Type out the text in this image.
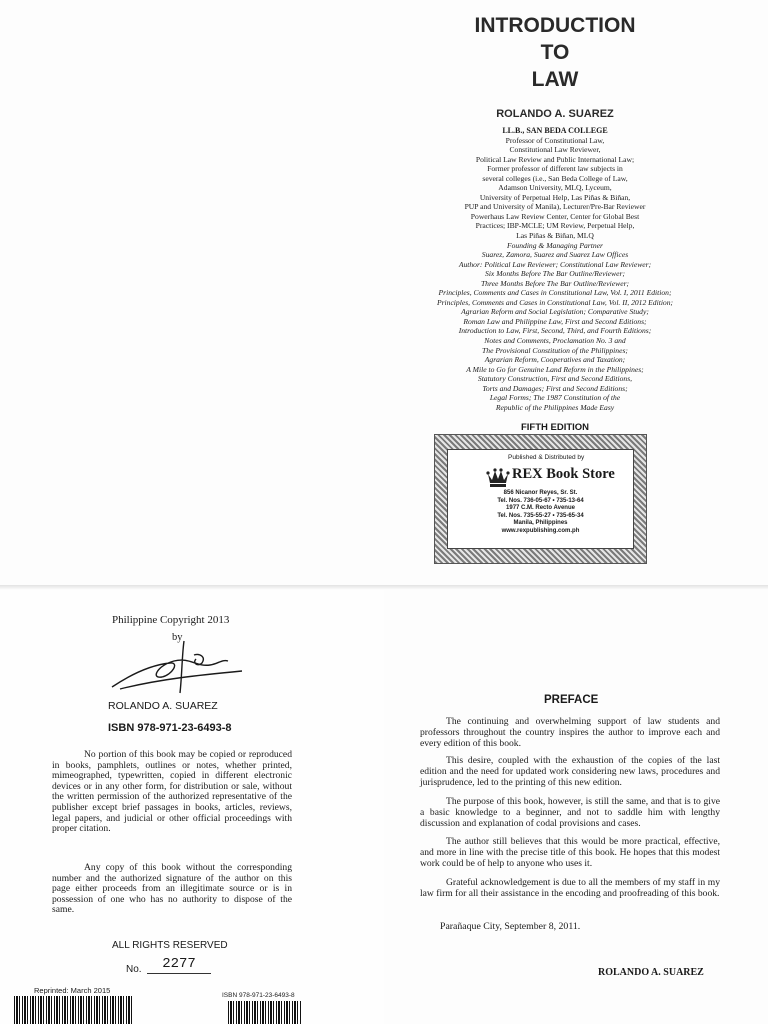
INTRODUCTION
TO
LAW
ROLANDO A. SUAREZ
LL.B., SAN BEDA COLLEGE
Professor of Constitutional Law,
Constitutional Law Reviewer,
Political Law Review and Public International Law;
Former professor of different law subjects in
several colleges (i.e., San Beda College of Law,
Adamson University, MLQ, Lyceum,
University of Perpetual Help, Las Piñas & Biñan,
PUP and University of Manila), Lecturer/Pre-Bar Reviewer
Powerhaus Law Review Center, Center for Global Best
Practices; IBP-MCLE; UM Review, Perpetual Help,
Las Piñas & Biñan, MLQ
Founding & Managing Partner
Suarez, Zamora, Suarez and Suarez Law Offices
Author: Political Law Reviewer; Constitutional Law Reviewer;
Six Months Before The Bar Outline/Reviewer;
Three Months Before The Bar Outline/Reviewer;
Principles, Comments and Cases in Constitutional Law, Vol. I, 2011 Edition;
Principles, Comments and Cases in Constitutional Law, Vol. II, 2012 Edition;
Agrarian Reform and Social Legislation; Comparative Study;
Roman Law and Philippine Law, First and Second Editions;
Introduction to Law, First, Second, Third, and Fourth Editions;
Notes and Comments, Proclamation No. 3 and
The Provisional Constitution of the Philippines;
Agrarian Reform, Cooperatives and Taxation;
A Mile to Go for Genuine Land Reform in the Philippines;
Statutory Construction, First and Second Editions,
Torts and Damages; First and Second Editions;
Legal Forms; The 1987 Constitution of the
Republic of the Philippines Made Easy
FIFTH EDITION
Published & Distributed by
REX Book Store
856 Nicanor Reyes, Sr. St.
Tel. Nos. 736-05-67 • 735-13-64
1977 C.M. Recto Avenue
Tel. Nos. 735-55-27 • 735-65-34
Manila, Philippines
www.rexpublishing.com.ph
Philippine Copyright 2013
by
ROLANDO A. SUAREZ
ISBN 978-971-23-6493-8
No portion of this book may be copied or reproduced in books, pamphlets, outlines or notes, whether printed, mimeographed, typewritten, copied in different electronic devices or in any other form, for distribution or sale, without the written permission of the authorized representative of the publisher except brief passages in books, articles, reviews, legal papers, and judicial or other official proceedings with proper citation.
Any copy of this book without the corresponding number and the authorized signature of the author on this page either proceeds from an illegitimate source or is in possession of one who has no authority to dispose of the same.
ALL RIGHTS RESERVED
No.	2277
Reprinted: March 2015
ISBN 978-971-23-6493-8
PREFACE
The continuing and overwhelming support of law students and professors throughout the country inspires the author to improve each and every edition of this book.
This desire, coupled with the exhaustion of the copies of the last edition and the need for updated work considering new laws, procedures and jurisprudence, led to the printing of this new edition.
The purpose of this book, however, is still the same, and that is to give a basic knowledge to a beginner, and not to saddle him with lengthy discussion and explanation of codal provisions and cases.
The author still believes that this would be more practical, effective, and more in line with the precise title of this book. He hopes that this modest work could be of help to anyone who uses it.
Grateful acknowledgement is due to all the members of my staff in my law firm for all their assistance in the encoding and proofreading of this book.
Parañaque City, September 8, 2011.
ROLANDO A. SUAREZ
